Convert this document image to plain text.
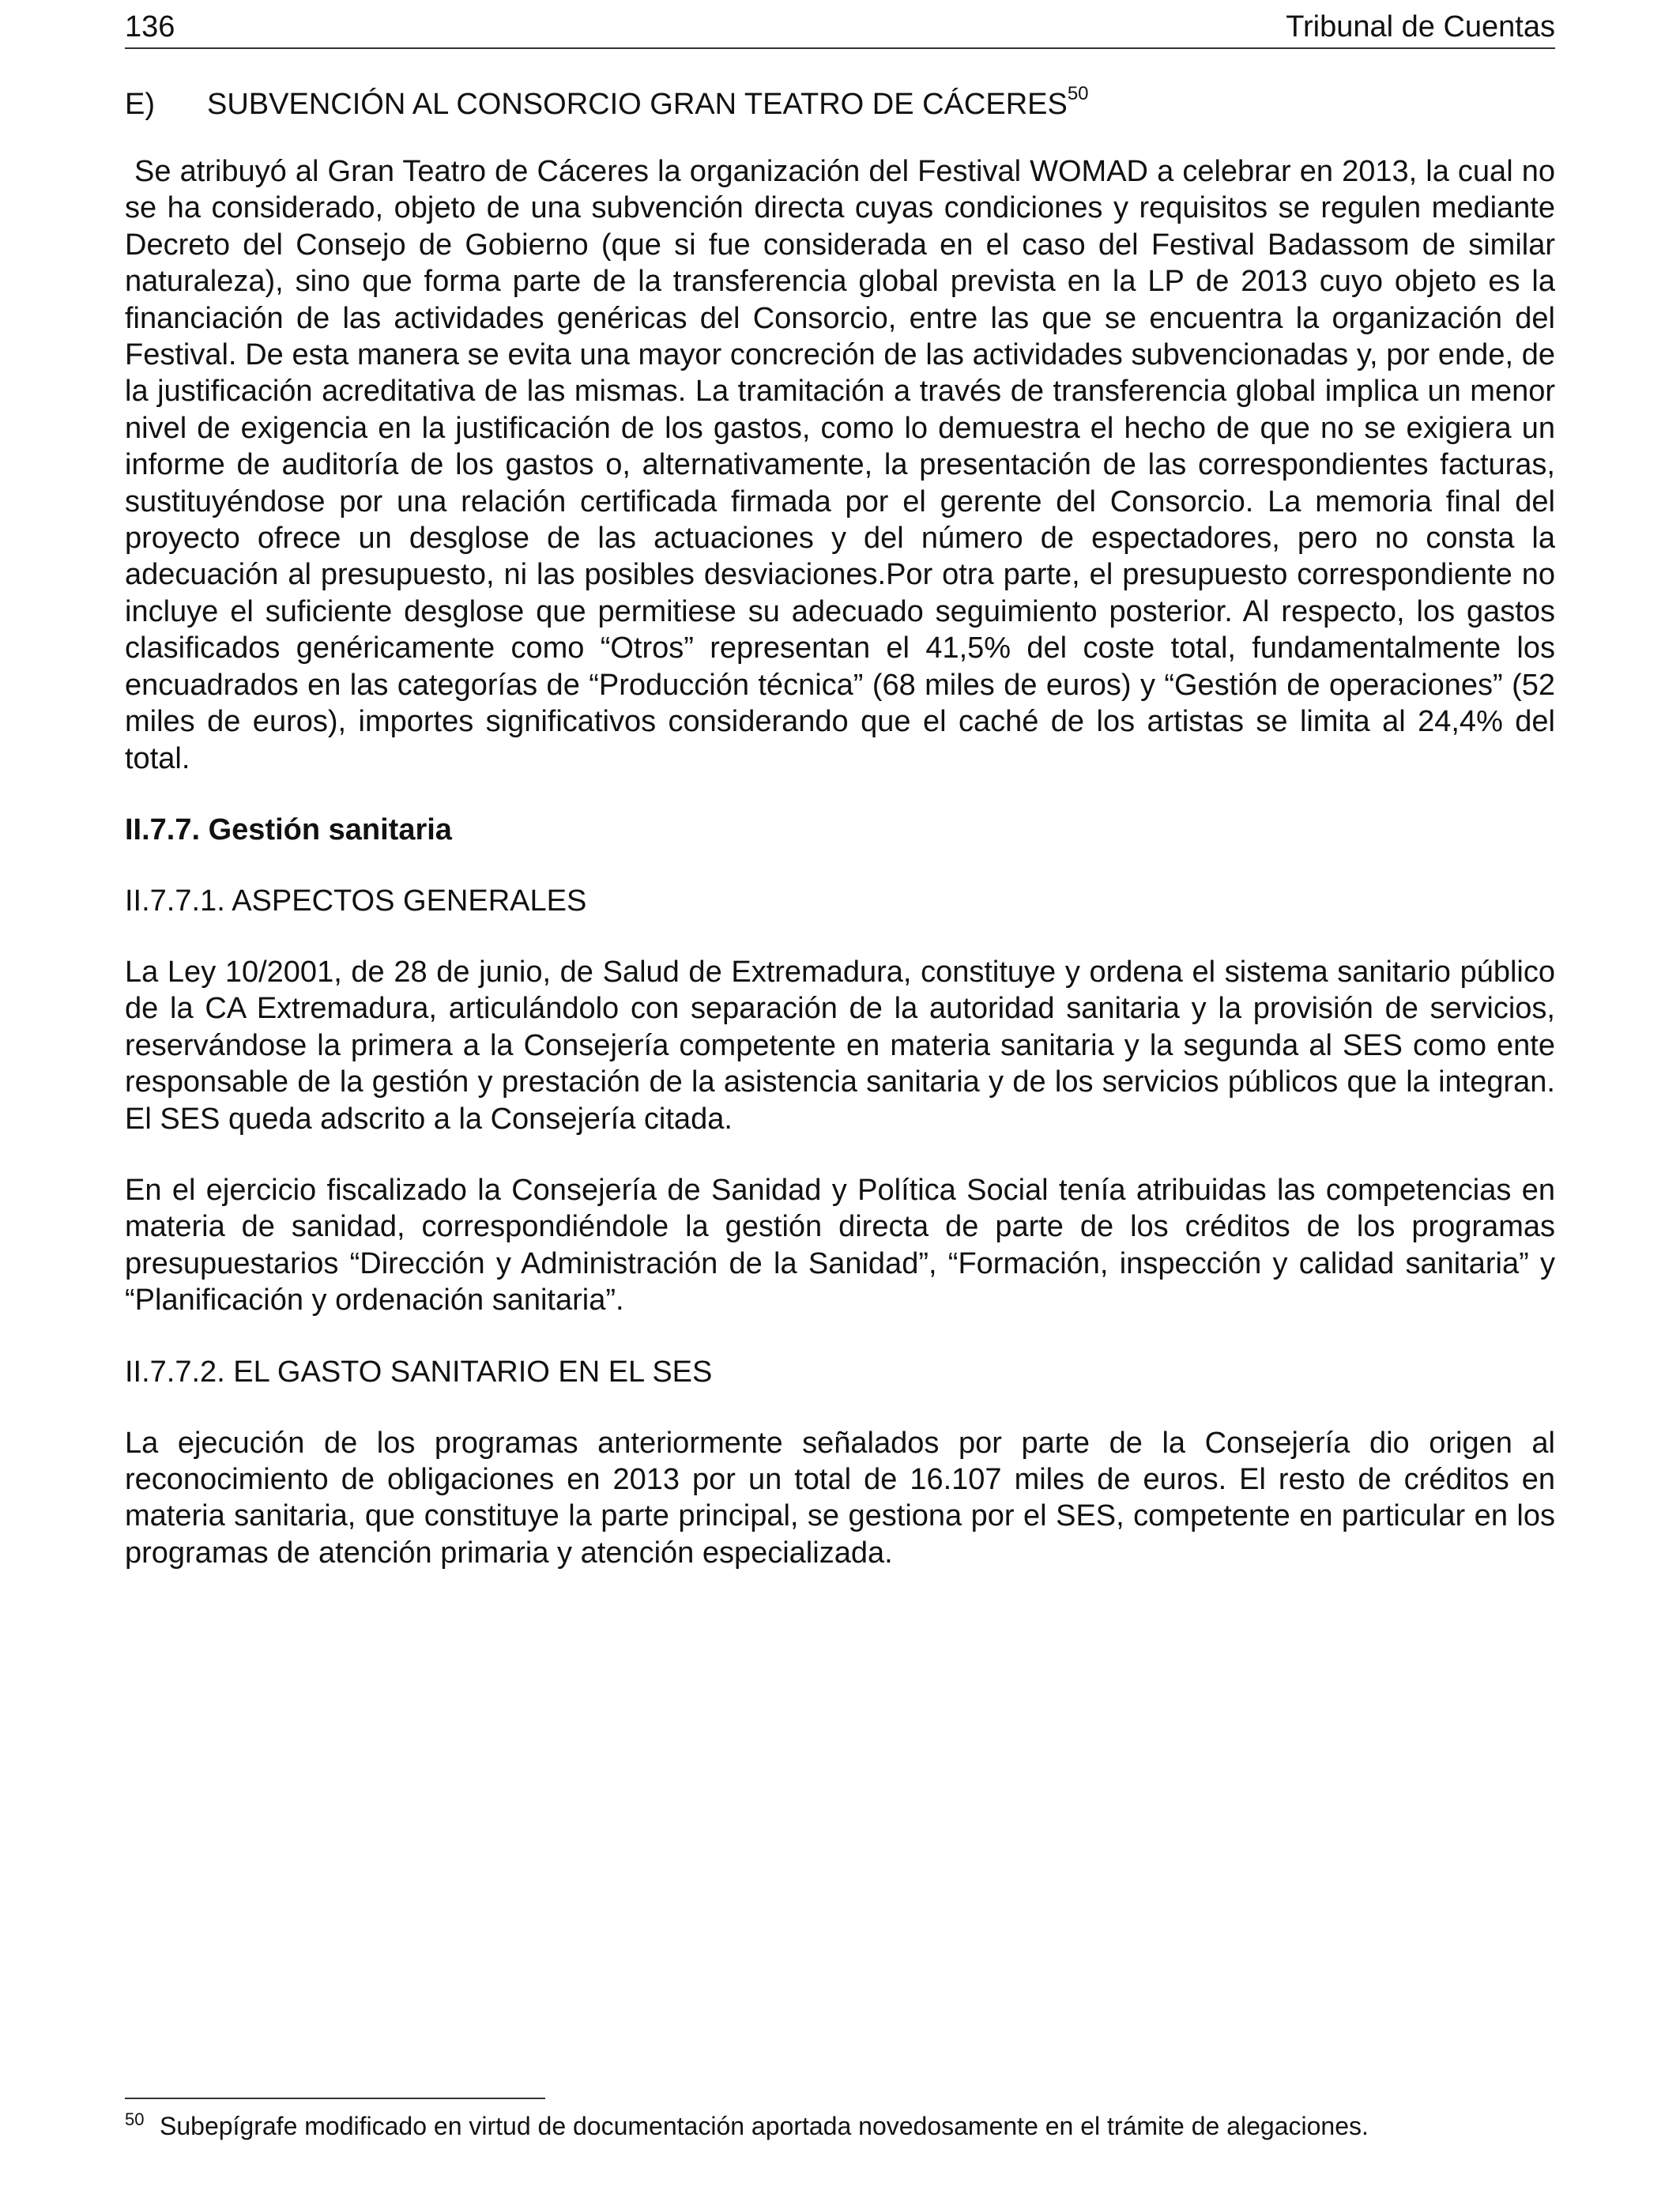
136	Tribunal de Cuentas
E) SUBVENCIÓN AL CONSORCIO GRAN TEATRO DE CÁCERES$^{50}$

Se atribuyó al Gran Teatro de Cáceres la organización del Festival WOMAD a celebrar en 2013, la cual no se ha considerado, objeto de una subvención directa cuyas condiciones y requisitos se regulen mediante Decreto del Consejo de Gobierno (que si fue considerada en el caso del Festival Badassom de similar naturaleza), sino que forma parte de la transferencia global prevista en la LP de 2013 cuyo objeto es la financiación de las actividades genéricas del Consorcio, entre las que se encuentra la organización del Festival. De esta manera se evita una mayor concreción de las actividades subvencionadas y, por ende, de la justificación acreditativa de las mismas. La tramitación a través de transferencia global implica un menor nivel de exigencia en la justificación de los gastos, como lo demuestra el hecho de que no se exigiera un informe de auditoría de los gastos o, alternativamente, la presentación de las correspondientes facturas, sustituyéndose por una relación certificada firmada por el gerente del Consorcio. La memoria final del proyecto ofrece un desglose de las actuaciones y del número de espectadores, pero no consta la adecuación al presupuesto, ni las posibles desviaciones.Por otra parte, el presupuesto correspondiente no incluye el suficiente desglose que permitiese su adecuado seguimiento posterior. Al respecto, los gastos clasificados genéricamente como “Otros” representan el 41,5% del coste total, fundamentalmente los encuadrados en las categorías de “Producción técnica” (68 miles de euros) y “Gestión de operaciones” (52 miles de euros), importes significativos considerando que el caché de los artistas se limita al 24,4% del total.

II.7.7. Gestión sanitaria
II.7.7.1. ASPECTOS GENERALES

La Ley 10/2001, de 28 de junio, de Salud de Extremadura, constituye y ordena el sistema sanitario público de la CA Extremadura, articulándolo con separación de la autoridad sanitaria y la provisión de servicios, reservándose la primera a la Consejería competente en materia sanitaria y la segunda al SES como ente responsable de la gestión y prestación de la asistencia sanitaria y de los servicios públicos que la integran. El SES queda adscrito a la Consejería citada.

En el ejercicio fiscalizado la Consejería de Sanidad y Política Social tenía atribuidas las competencias en materia de sanidad, correspondiéndole la gestión directa de parte de los créditos de los programas presupuestarios “Dirección y Administración de la Sanidad”, “Formación, inspección y calidad sanitaria” y “Planificación y ordenación sanitaria”.

II.7.7.2. EL GASTO SANITARIO EN EL SES

La ejecución de los programas anteriormente señalados por parte de la Consejería dio origen al reconocimiento de obligaciones en 2013 por un total de 16.107 miles de euros. El resto de créditos en materia sanitaria, que constituye la parte principal, se gestiona por el SES, competente en particular en los programas de atención primaria y atención especializada.

50 Subepígrafe modificado en virtud de documentación aportada novedosamente en el trámite de alegaciones.
